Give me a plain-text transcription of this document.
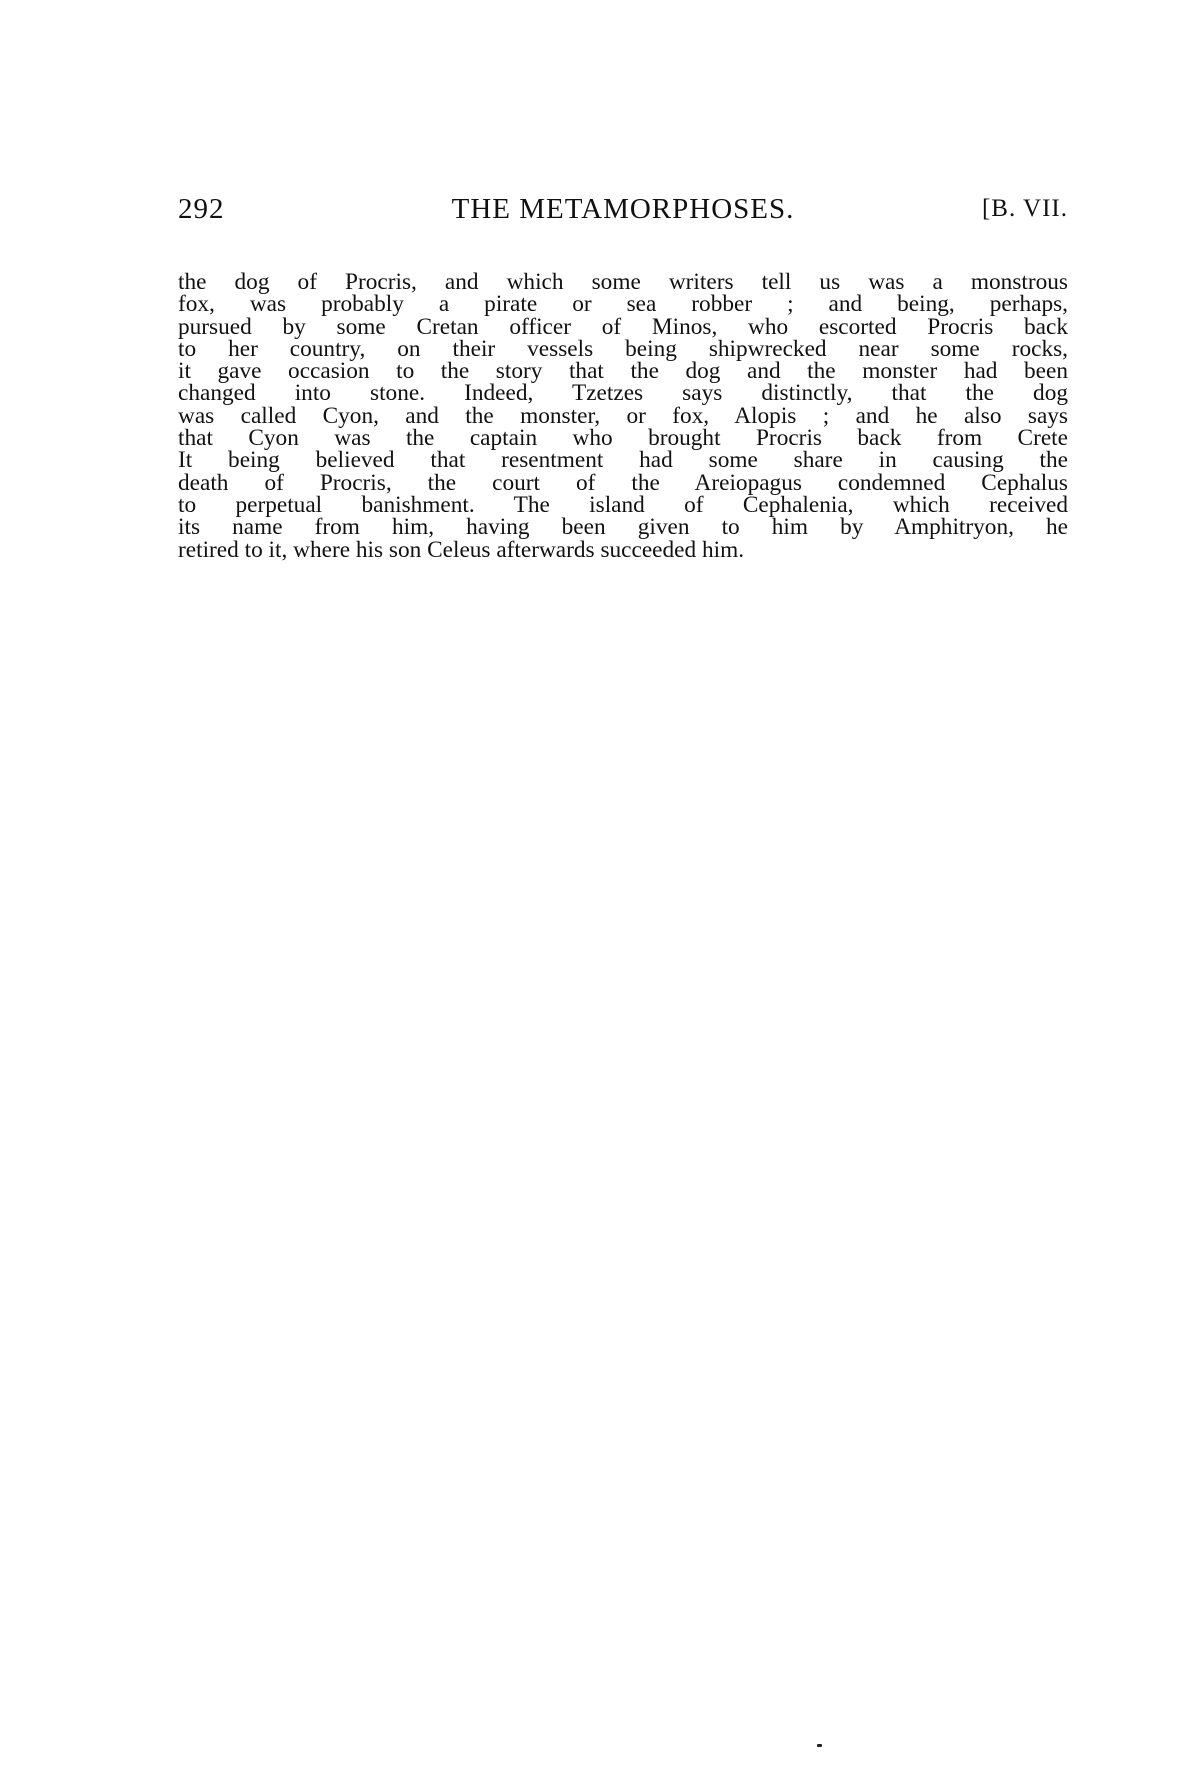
292	THE METAMORPHOSES.	[B. VII.
the dog of Procris, and which some writers tell us was a monstrous
fox, was probably a pirate or sea robber ; and being, perhaps,
pursued by some Cretan officer of Minos, who escorted Procris back
to her country, on their vessels being shipwrecked near some rocks,
it gave occasion to the story that the dog and the monster had been
changed into stone. Indeed, Tzetzes says distinctly, that the dog
was called Cyon, and the monster, or fox, Alopis ; and he also says
that Cyon was the captain who brought Procris back from Crete
It being believed that resentment had some share in causing the
death of Procris, the court of the Areiopagus condemned Cephalus
to perpetual banishment. The island of Cephalenia, which received
its name from him, having been given to him by Amphitryon, he
retired to it, where his son Celeus afterwards succeeded him.
